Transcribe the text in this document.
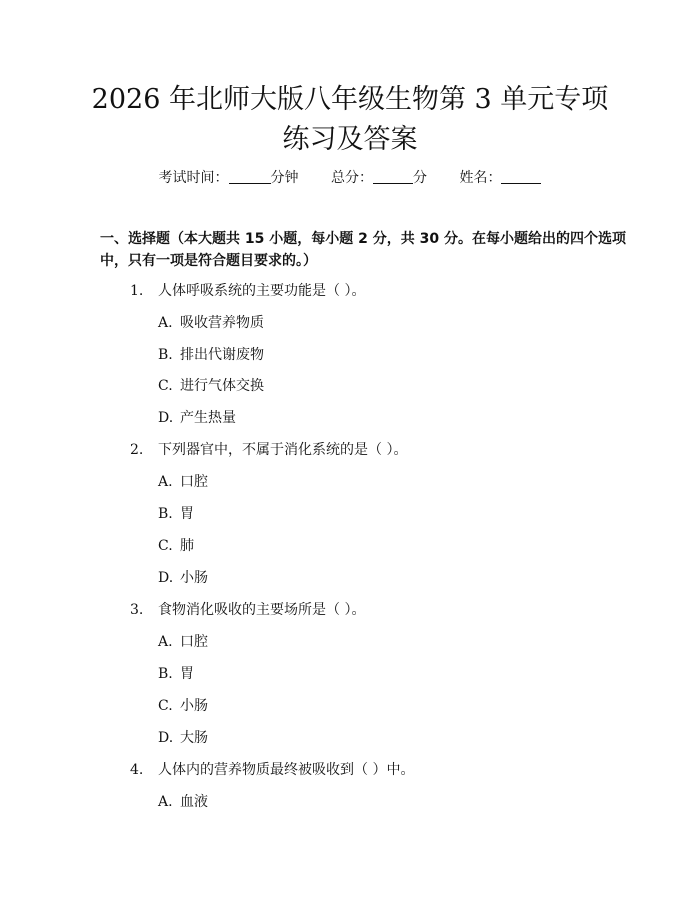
2026 年北师大版八年级生物第 3 单元专项练习及答案
考试时间：	分钟 总分：	分 姓名：
一、选择题（本大题共 15 小题，每小题 2 分，共 30 分。在每小题给出的四个选项中，只有一项是符合题目要求的。）
1. 人体呼吸系统的主要功能是（ ）。
A. 吸收营养物质
B. 排出代谢废物
C. 进行气体交换
D. 产生热量
2. 下列器官中，不属于消化系统的是（ ）。
A. 口腔
B. 胃
C. 肺
D. 小肠
3. 食物消化吸收的主要场所是（ ）。
A. 口腔
B. 胃
C. 小肠
D. 大肠
4. 人体内的营养物质最终被吸收到（ ）中。
A. 血液
